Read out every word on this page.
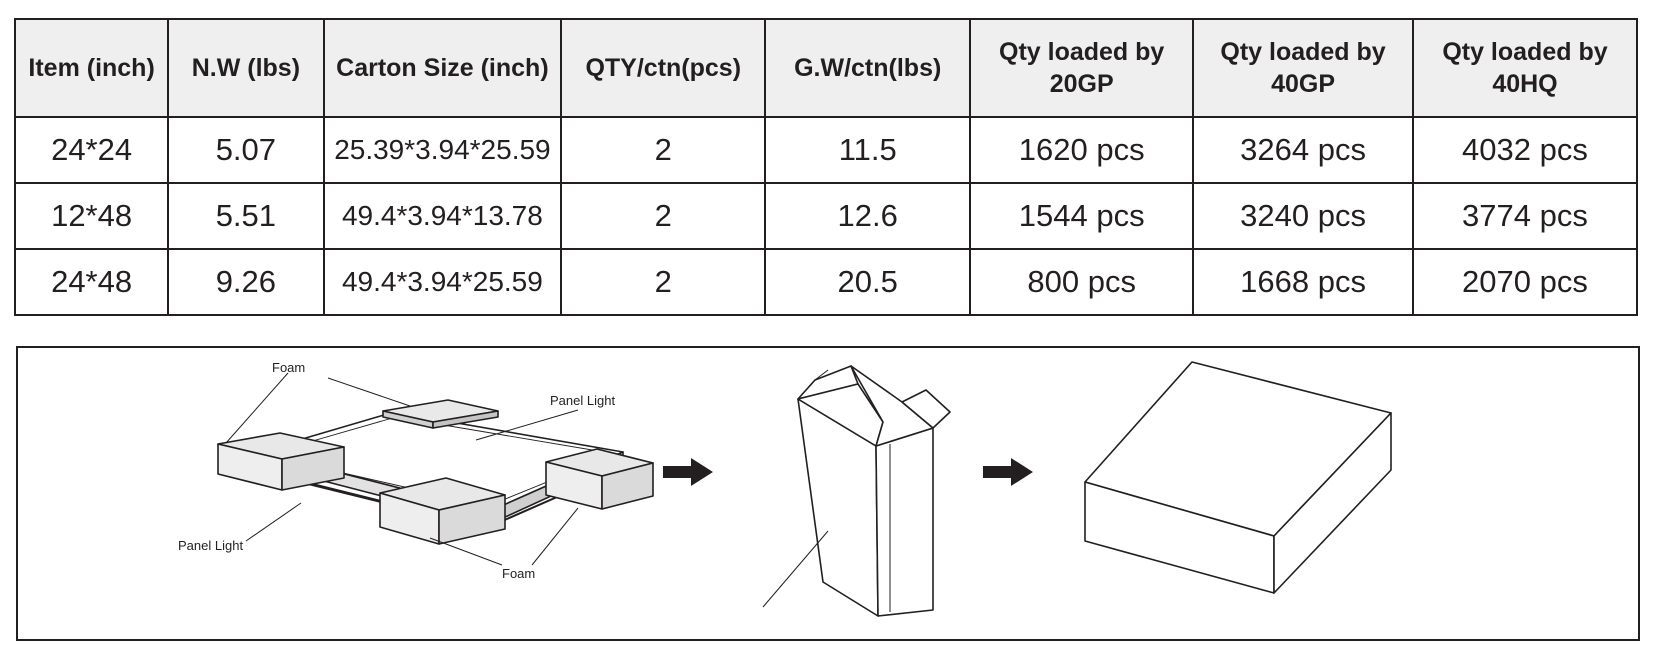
Item (inch)	N.W (lbs)	Carton Size (inch)	QTY/ctn(pcs)	G.W/ctn(lbs)	Qty loaded by 20GP	Qty loaded by 40GP	Qty loaded by 40HQ
24*24	5.07	25.39*3.94*25.59	2	11.5	1620 pcs	3264 pcs	4032 pcs
12*48	5.51	49.4*3.94*13.78	2	12.6	1544 pcs	3240 pcs	3774 pcs
24*48	9.26	49.4*3.94*25.59	2	20.5	800 pcs	1668 pcs	2070 pcs
Foam
Panel Light
Panel Light
Foam
